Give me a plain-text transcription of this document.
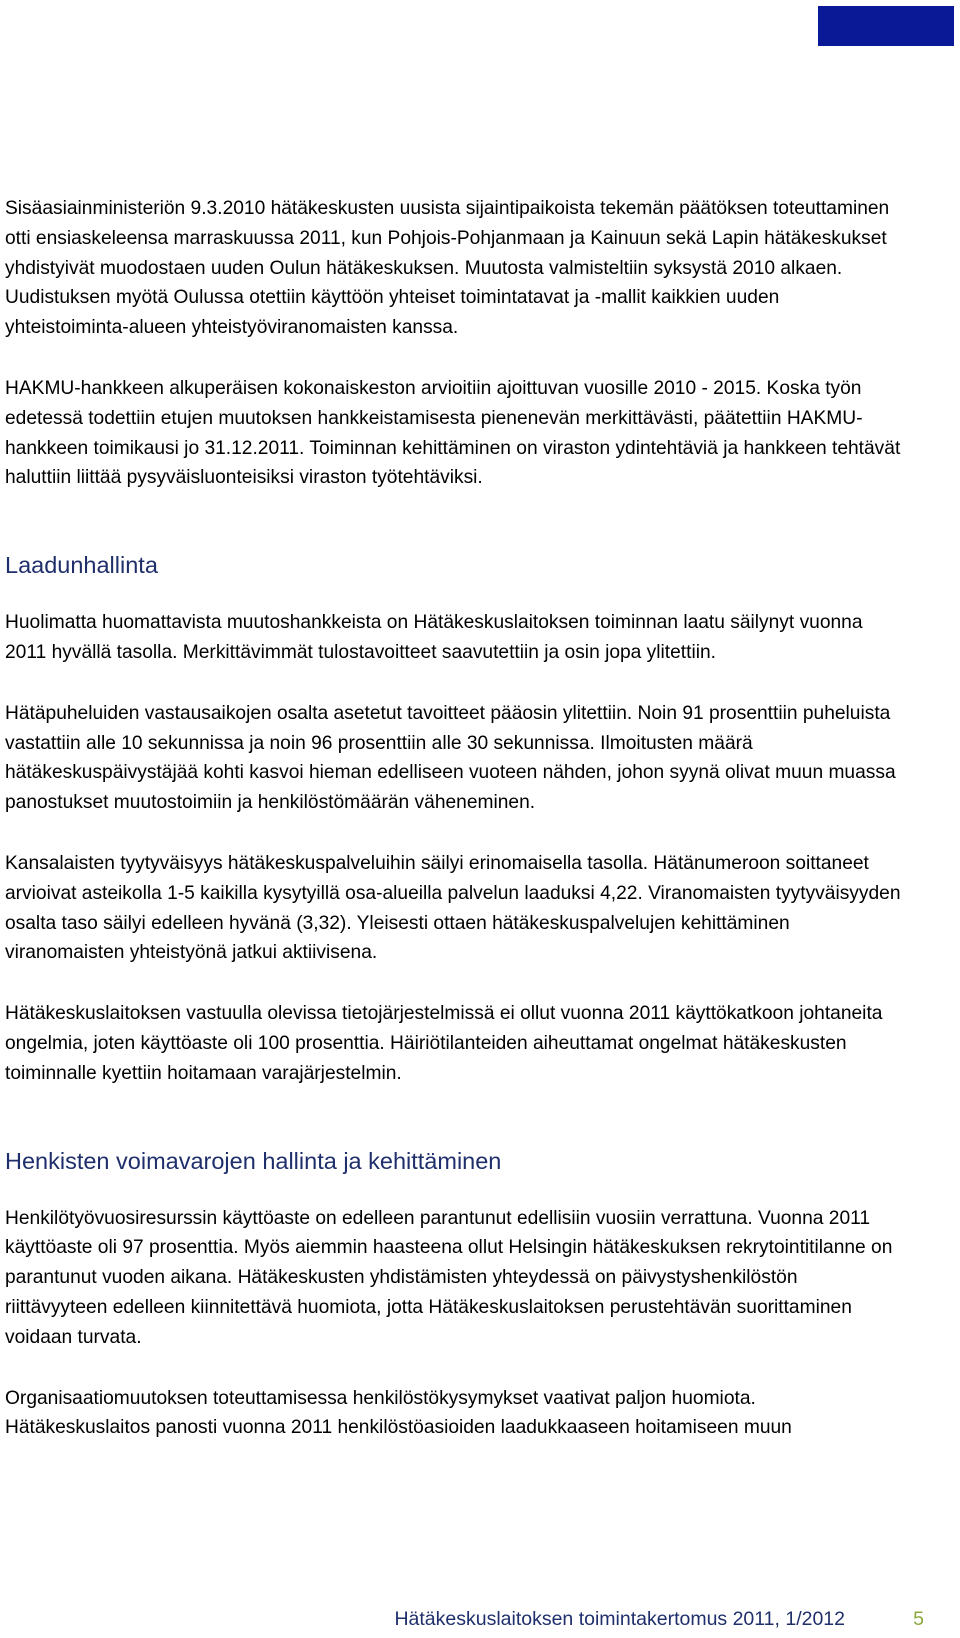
Sisäasiainministeriön 9.3.2010 hätäkeskusten uusista sijaintipaikoista tekemän päätöksen toteuttaminen otti ensiaskeleensa marraskuussa 2011, kun Pohjois-Pohjanmaan ja Kainuun sekä Lapin hätäkeskukset yhdistyivät muodostaen uuden Oulun hätäkeskuksen. Muutosta valmisteltiin syksystä 2010 alkaen. Uudistuksen myötä Oulussa otettiin käyttöön yhteiset toimintatavat ja -mallit kaikkien uuden yhteistoiminta-alueen yhteistyöviranomaisten kanssa.

HAKMU-hankkeen alkuperäisen kokonaiskeston arvioitiin ajoittuvan vuosille 2010 - 2015. Koska työn edetessä todettiin etujen muutoksen hankkeistamisesta pienenevän merkittävästi, päätettiin HAKMU- hankkeen toimikausi jo 31.12.2011. Toiminnan kehittäminen on viraston ydintehtäviä ja hankkeen tehtävät haluttiin liittää pysyväisluonteisiksi viraston työtehtäviksi.

Laadunhallinta

Huolimatta huomattavista muutoshankkeista on Hätäkeskuslaitoksen toiminnan laatu säilynyt vuonna 2011 hyvällä tasolla. Merkittävimmät tulostavoitteet saavutettiin ja osin jopa ylitettiin.

Hätäpuheluiden vastausaikojen osalta asetetut tavoitteet pääosin ylitettiin. Noin 91 prosenttiin puheluista vastattiin alle 10 sekunnissa ja noin 96 prosenttiin alle 30 sekunnissa. Ilmoitusten määrä hätäkeskuspäivystäjää kohti kasvoi hieman edelliseen vuoteen nähden, johon syynä olivat muun muassa panostukset muutostoimiin ja henkilöstömäärän väheneminen.

Kansalaisten tyytyväisyys hätäkeskuspalveluihin säilyi erinomaisella tasolla. Hätänumeroon soittaneet arvioivat asteikolla 1-5 kaikilla kysytyillä osa-alueilla palvelun laaduksi 4,22. Viranomaisten tyytyväisyyden osalta taso säilyi edelleen hyvänä (3,32). Yleisesti ottaen hätäkeskuspalvelujen kehittäminen viranomaisten yhteistyönä jatkui aktiivisena.

Hätäkeskuslaitoksen vastuulla olevissa tietojärjestelmissä ei ollut vuonna 2011 käyttökatkoon johtaneita ongelmia, joten käyttöaste oli 100 prosenttia. Häiriötilanteiden aiheuttamat ongelmat hätäkeskusten toiminnalle kyettiin hoitamaan varajärjestelmin.

Henkisten voimavarojen hallinta ja kehittäminen

Henkilötyövuosiresurssin käyttöaste on edelleen parantunut edellisiin vuosiin verrattuna. Vuonna 2011 käyttöaste oli 97 prosenttia. Myös aiemmin haasteena ollut Helsingin hätäkeskuksen rekrytointitilanne on parantunut vuoden aikana. Hätäkeskusten yhdistämisten yhteydessä on päivystyshenkilöstön riittävyyteen edelleen kiinnitettävä huomiota, jotta Hätäkeskuslaitoksen perustehtävän suorittaminen voidaan turvata.

Organisaatiomuutoksen toteuttamisessa henkilöstökysymykset vaativat paljon huomiota. Hätäkeskuslaitos panosti vuonna 2011 henkilöstöasioiden laadukkaaseen hoitamiseen muun

Hätäkeskuslaitoksen toimintakertomus 2011, 1/2012	5
